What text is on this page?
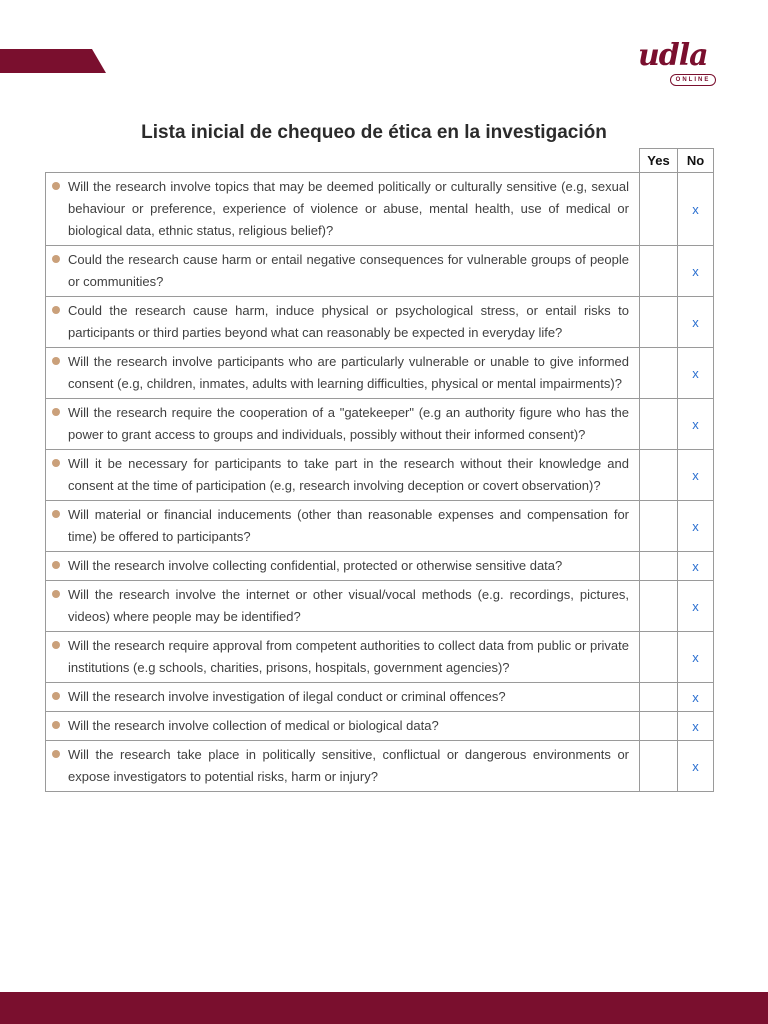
udla
ONLINE
Lista inicial de chequeo de ética en la investigación
	Yes	No

Will the research involve topics that may be deemed politically or culturally sensitive (e.g, sexual behaviour or preference, experience of violence or abuse, mental health, use of medical or biological data, ethnic status, religious belief)?		x

Could the research cause harm or entail negative consequences for vulnerable groups of people or communities?		x

Could the research cause harm, induce physical or psychological stress, or entail risks to participants or third parties beyond what can reasonably be expected in everyday life?		x

Will the research involve participants who are particularly vulnerable or unable to give informed consent (e.g, children, inmates, adults with learning difficulties, physical or mental impairments)?		x

Will the research require the cooperation of a "gatekeeper" (e.g an authority figure who has the power to grant access to groups and individuals, possibly without their informed consent)?		x

Will it be necessary for participants to take part in the research without their knowledge and consent at the time of participation (e.g, research involving deception or covert observation)?		x

Will material or financial inducements (other than reasonable expenses and compensation for time) be offered to participants?		x

Will the research involve collecting confidential, protected or otherwise sensitive data?		x

Will the research involve the internet or other visual/vocal methods (e.g. recordings, pictures, videos) where people may be identified?		x

Will the research require approval from competent authorities to collect data from public or private institutions (e.g schools, charities, prisons, hospitals, government agencies)?		x

Will the research involve investigation of ilegal conduct or criminal offences?		x

Will the research involve collection of medical or biological data?		x

Will the research take place in politically sensitive, conflictual or dangerous environments or expose investigators to potential risks, harm or injury?		x
